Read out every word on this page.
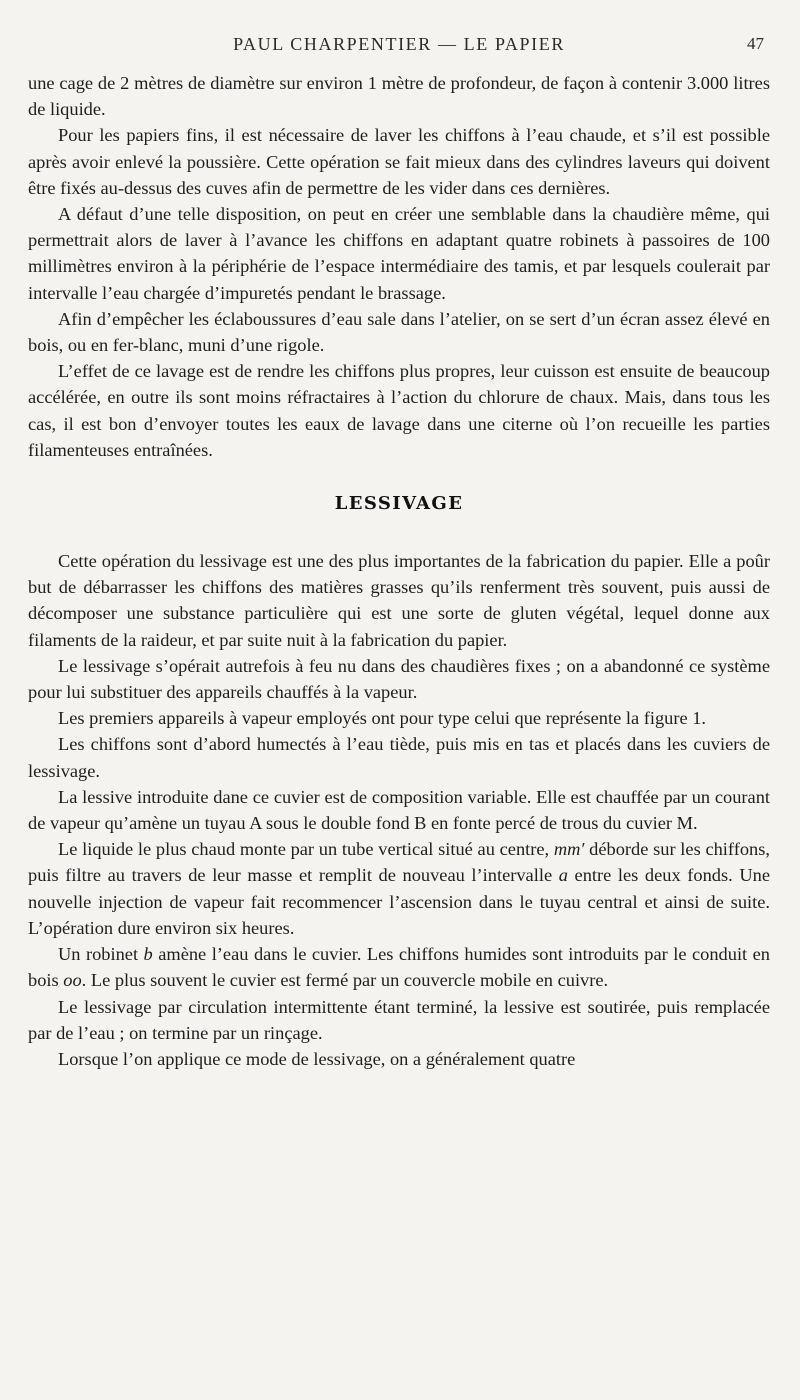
PAUL CHARPENTIER — LE PAPIER	47

une cage de 2 mètres de diamètre sur environ 1 mètre de profondeur, de façon à contenir 3.000 litres de liquide.

Pour les papiers fins, il est nécessaire de laver les chiffons à l’eau chaude, et s’il est possible après avoir enlevé la poussière. Cette opération se fait mieux dans des cylindres laveurs qui doivent être fixés au-dessus des cuves afin de permettre de les vider dans ces dernières.

A défaut d’une telle disposition, on peut en créer une semblable dans la chaudière même, qui permettrait alors de laver à l’avance les chiffons en adaptant quatre robinets à passoires de 100 millimètres environ à la périphérie de l’espace intermédiaire des tamis, et par lesquels coulerait par intervalle l’eau chargée d’impuretés pendant le brassage.

Afin d’empêcher les éclaboussures d’eau sale dans l’atelier, on se sert d’un écran assez élevé en bois, ou en fer-blanc, muni d’une rigole.

L’effet de ce lavage est de rendre les chiffons plus propres, leur cuisson est ensuite de beaucoup accélérée, en outre ils sont moins réfractaires à l’action du chlorure de chaux. Mais, dans tous les cas, il est bon d’envoyer toutes les eaux de lavage dans une citerne où l’on recueille les parties filamenteuses entraînées.

LESSIVAGE

Cette opération du lessivage est une des plus importantes de la fabrication du papier. Elle a poûr but de débarrasser les chiffons des matières grasses qu’ils renferment très souvent, puis aussi de décomposer une substance particulière qui est une sorte de gluten végétal, lequel donne aux filaments de la raideur, et par suite nuit à la fabrication du papier.

Le lessivage s’opérait autrefois à feu nu dans des chaudières fixes ; on a abandonné ce système pour lui substituer des appareils chauffés à la vapeur.

Les premiers appareils à vapeur employés ont pour type celui que représente la figure 1.

Les chiffons sont d’abord humectés à l’eau tiède, puis mis en tas et placés dans les cuviers de lessivage.

La lessive introduite dane ce cuvier est de composition variable. Elle est chauffée par un courant de vapeur qu’amène un tuyau A sous le double fond B en fonte percé de trous du cuvier M.

Le liquide le plus chaud monte par un tube vertical situé au centre, mm′ déborde sur les chiffons, puis filtre au travers de leur masse et remplit de nouveau l’intervalle a entre les deux fonds. Une nouvelle injection de vapeur fait recommencer l’ascension dans le tuyau central et ainsi de suite. L’opération dure environ six heures.

Un robinet b amène l’eau dans le cuvier. Les chiffons humides sont introduits par le conduit en bois oo. Le plus souvent le cuvier est fermé par un couvercle mobile en cuivre.

Le lessivage par circulation intermittente étant terminé, la lessive est soutirée, puis remplacée par de l’eau ; on termine par un rinçage.

Lorsque l’on applique ce mode de lessivage, on a généralement quatre
